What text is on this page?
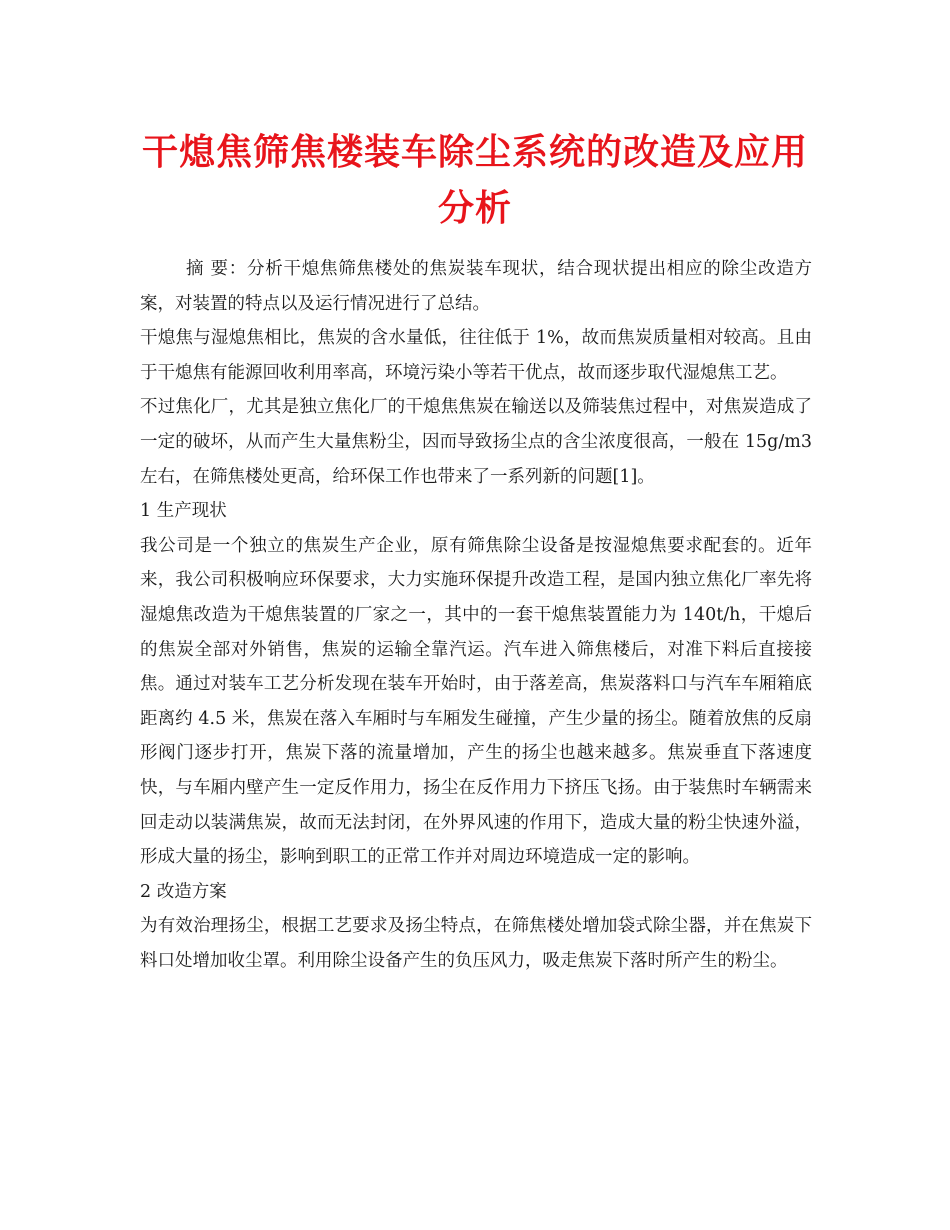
干熄焦筛焦楼装车除尘系统的改造及应用分析

摘 要：分析干熄焦筛焦楼处的焦炭装车现状，结合现状提出相应的除尘改造方案，对装置的特点以及运行情况进行了总结。

干熄焦与湿熄焦相比，焦炭的含水量低，往往低于 1%，故而焦炭质量相对较高。且由于干熄焦有能源回收利用率高，环境污染小等若干优点，故而逐步取代湿熄焦工艺。

不过焦化厂，尤其是独立焦化厂的干熄焦焦炭在输送以及筛装焦过程中，对焦炭造成了一定的破坏，从而产生大量焦粉尘，因而导致扬尘点的含尘浓度很高，一般在 15g/m3 左右，在筛焦楼处更高，给环保工作也带来了一系列新的问题[1]。

1 生产现状

我公司是一个独立的焦炭生产企业，原有筛焦除尘设备是按湿熄焦要求配套的。近年来，我公司积极响应环保要求，大力实施环保提升改造工程，是国内独立焦化厂率先将湿熄焦改造为干熄焦装置的厂家之一，其中的一套干熄焦装置能力为 140t/h，干熄后的焦炭全部对外销售，焦炭的运输全靠汽运。汽车进入筛焦楼后，对准下料后直接接焦。通过对装车工艺分析发现在装车开始时，由于落差高，焦炭落料口与汽车车厢箱底距离约 4.5 米，焦炭在落入车厢时与车厢发生碰撞，产生少量的扬尘。随着放焦的反扇形阀门逐步打开，焦炭下落的流量增加，产生的扬尘也越来越多。焦炭垂直下落速度快，与车厢内壁产生一定反作用力，扬尘在反作用力下挤压飞扬。由于装焦时车辆需来回走动以装满焦炭，故而无法封闭，在外界风速的作用下，造成大量的粉尘快速外溢，形成大量的扬尘，影响到职工的正常工作并对周边环境造成一定的影响。

2 改造方案

为有效治理扬尘，根据工艺要求及扬尘特点，在筛焦楼处增加袋式除尘器，并在焦炭下料口处增加收尘罩。利用除尘设备产生的负压风力，吸走焦炭下落时所产生的粉尘。
